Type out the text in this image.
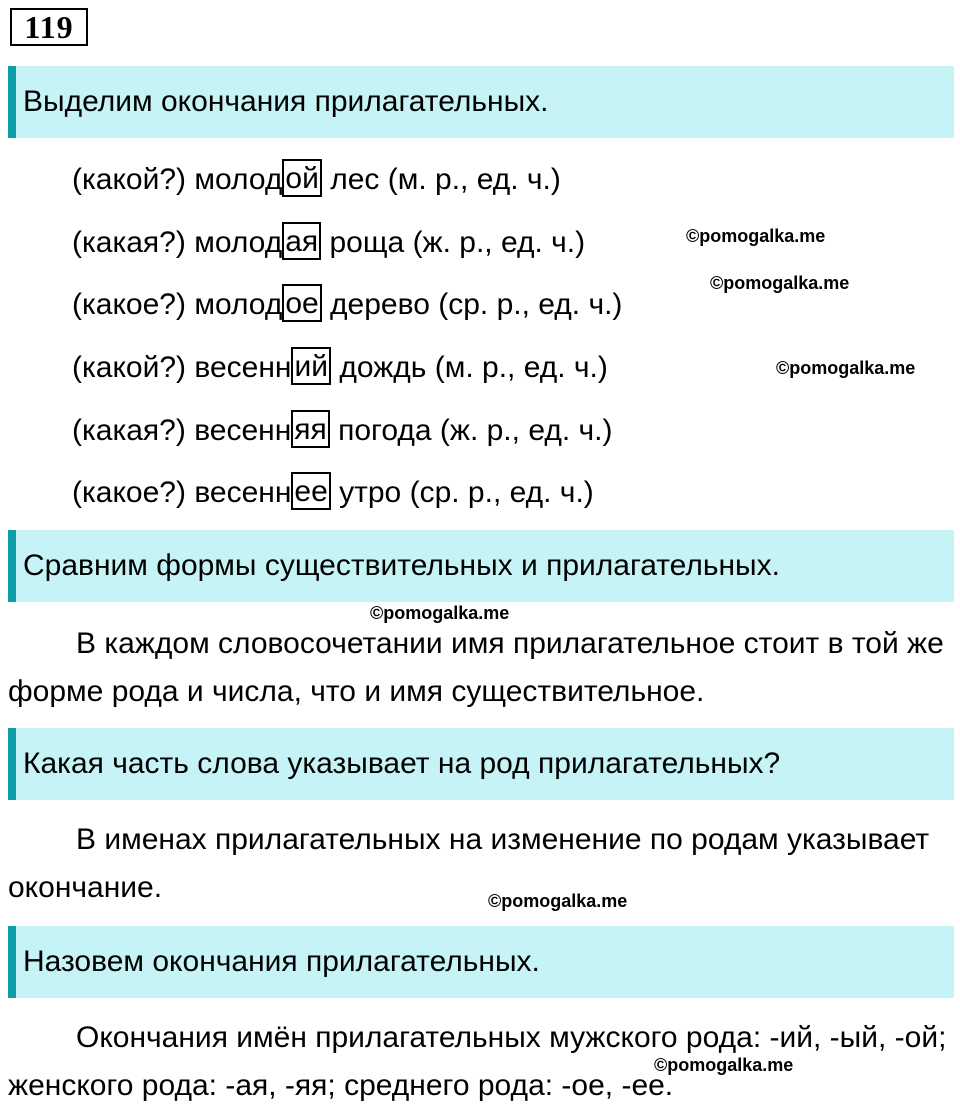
119
Выделим окончания прилагательных.
(какой?) молод ой лес (м. р., ед. ч.)
(какая?) молод ая роща (ж. р., ед. ч.)
(какое?) молод ое дерево (ср. р., ед. ч.)
(какой?) весенн ий дождь (м. р., ед. ч.)
(какая?) весенн яя погода (ж. р., ед. ч.)
(какое?) весенн ее утро (ср. р., ед. ч.)
Сравним формы существительных и прилагательных.
В каждом словосочетании имя прилагательное стоит в той же форме рода и числа, что и имя существительное.
Какая часть слова указывает на род прилагательных?
В именах прилагательных на изменение по родам указывает окончание.
Назовем окончания прилагательных.
Окончания имён прилагательных мужского рода: -ий, -ый, -ой; женского рода: -ая, -яя; среднего рода: -ое, -ее.
©pomogalka.me
©pomogalka.me
©pomogalka.me
©pomogalka.me
©pomogalka.me
©pomogalka.me
